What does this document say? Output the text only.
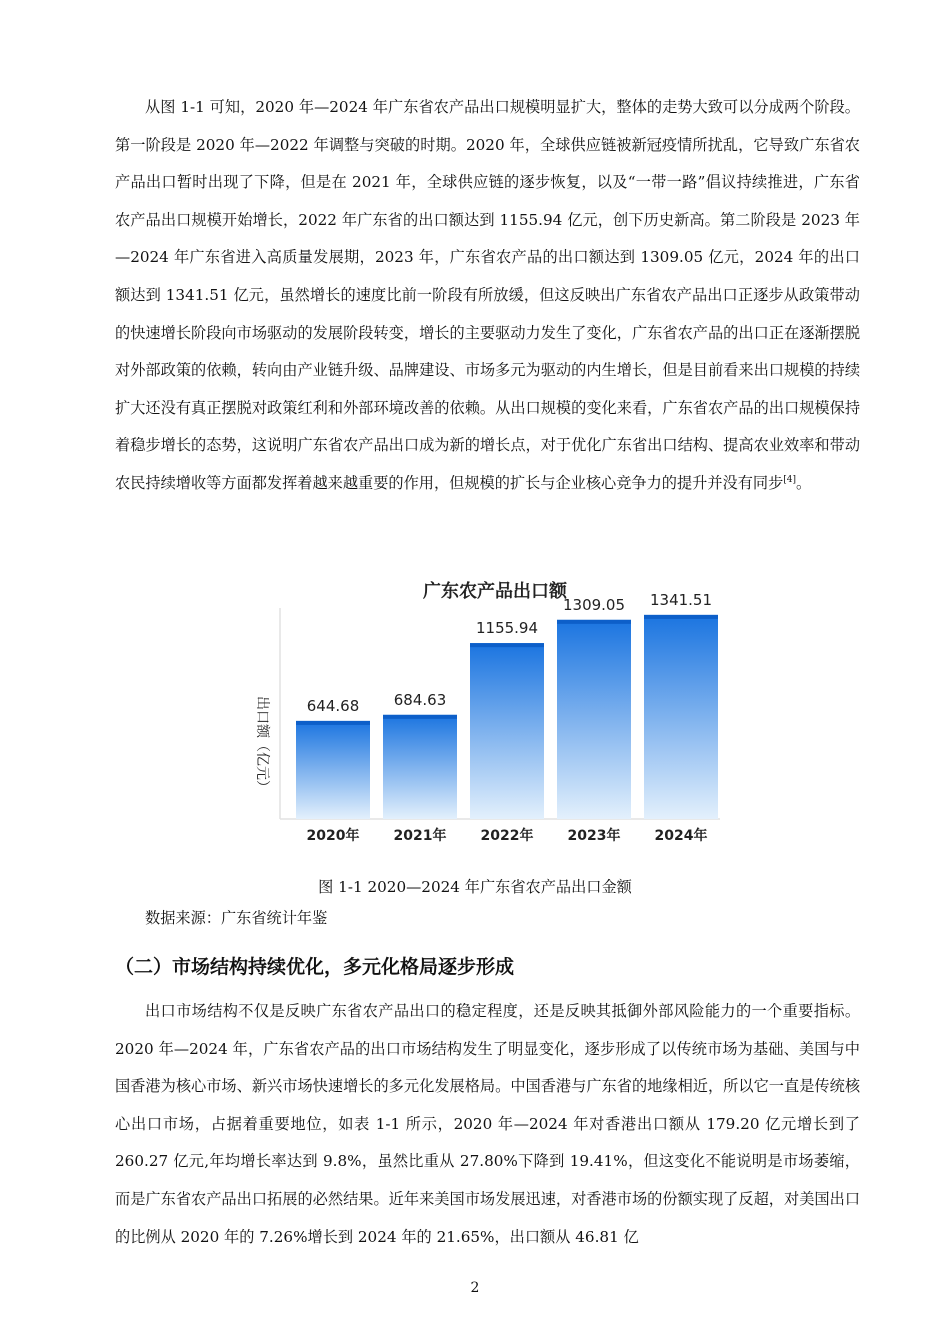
从图 1-1 可知，2020 年—2024 年广东省农产品出口规模明显扩大，整体的走势大致可以分成两个阶段。第一阶段是 2020 年—2022 年调整与突破的时期。2020 年，全球供应链被新冠疫情所扰乱，它导致广东省农产品出口暂时出现了下降，但是在 2021 年，全球供应链的逐步恢复，以及“一带一路”倡议持续推进，广东省农产品出口规模开始增长，2022 年广东省的出口额达到 1155.94 亿元，创下历史新高。第二阶段是 2023 年—2024 年广东省进入高质量发展期，2023 年，广东省农产品的出口额达到 1309.05 亿元，2024 年的出口额达到 1341.51 亿元，虽然增长的速度比前一阶段有所放缓，但这反映出广东省农产品出口正逐步从政策带动的快速增长阶段向市场驱动的发展阶段转变，增长的主要驱动力发生了变化，广东省农产品的出口正在逐渐摆脱对外部政策的依赖，转向由产业链升级、品牌建设、市场多元为驱动的内生增长，但是目前看来出口规模的持续扩大还没有真正摆脱对政策红利和外部环境改善的依赖。从出口规模的变化来看，广东省农产品的出口规模保持着稳步增长的态势，这说明广东省农产品出口成为新的增长点，对于优化广东省出口结构、提高农业效率和带动农民持续增收等方面都发挥着越来越重要的作用，但规模的扩长与企业核心竞争力的提升并没有同步[4]。

广东农产品出口额
出口额（亿元） 644.68
2020年
684.63
2021年
1155.94
2022年
1309.05
2023年
1341.51
2024年
图 1-1 2020—2024 年广东省农产品出口金额
数据来源：广东省统计年鉴
（二）市场结构持续优化，多元化格局逐步形成

出口市场结构不仅是反映广东省农产品出口的稳定程度，还是反映其抵御外部风险能力的一个重要指标。2020 年—2024 年，广东省农产品的出口市场结构发生了明显变化，逐步形成了以传统市场为基础、美国与中国香港为核心市场、新兴市场快速增长的多元化发展格局。中国香港与广东省的地缘相近，所以它一直是传统核心出口市场，占据着重要地位，如表 1-1 所示，2020 年—2024 年对香港出口额从 179.20 亿元增长到了 260.27 亿元,年均增长率达到 9.8%，虽然比重从 27.80%下降到 19.41%，但这变化不能说明是市场萎缩，而是广东省农产品出口拓展的必然结果。近年来美国市场发展迅速，对香港市场的份额实现了反超，对美国出口的比例从 2020 年的 7.26%增长到 2024 年的 21.65%，出口额从 46.81 亿

2
